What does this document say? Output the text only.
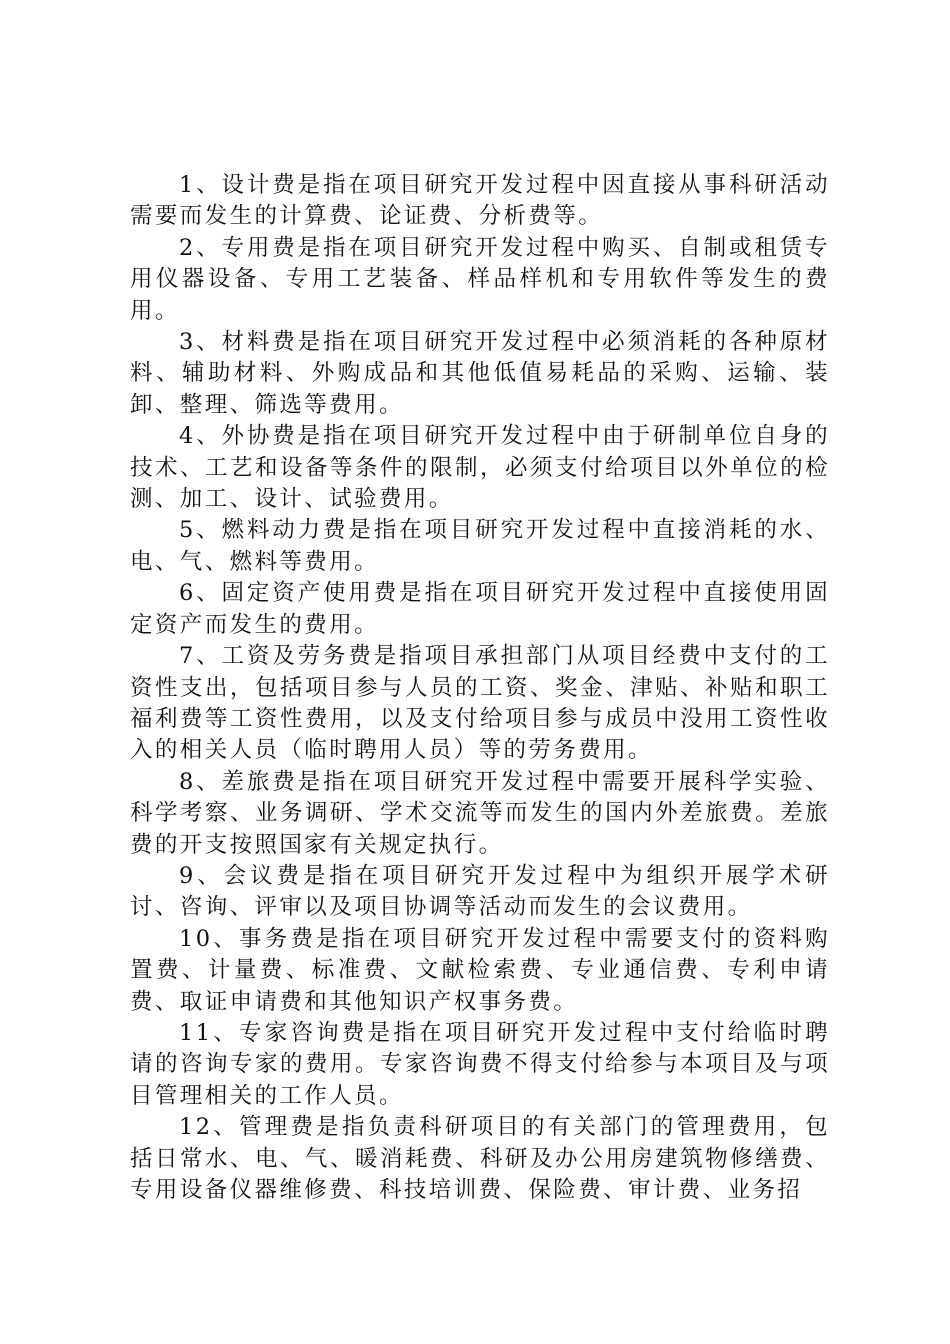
1、设计费是指在项目研究开发过程中因直接从事科研活动需要而发生的计算费、论证费、分析费等。

2、专用费是指在项目研究开发过程中购买、自制或租赁专用仪器设备、专用工艺装备、样品样机和专用软件等发生的费用。

3、材料费是指在项目研究开发过程中必须消耗的各种原材料、辅助材料、外购成品和其他低值易耗品的采购、运输、装卸、整理、筛选等费用。

4、外协费是指在项目研究开发过程中由于研制单位自身的技术、工艺和设备等条件的限制，必须支付给项目以外单位的检测、加工、设计、试验费用。

5、燃料动力费是指在项目研究开发过程中直接消耗的水、电、气、燃料等费用。

6、固定资产使用费是指在项目研究开发过程中直接使用固定资产而发生的费用。

7、工资及劳务费是指项目承担部门从项目经费中支付的工资性支出，包括项目参与人员的工资、奖金、津贴、补贴和职工福利费等工资性费用，以及支付给项目参与成员中没用工资性收入的相关人员（临时聘用人员）等的劳务费用。

8、差旅费是指在项目研究开发过程中需要开展科学实验、科学考察、业务调研、学术交流等而发生的国内外差旅费。差旅费的开支按照国家有关规定执行。

9、会议费是指在项目研究开发过程中为组织开展学术研讨、咨询、评审以及项目协调等活动而发生的会议费用。

10、事务费是指在项目研究开发过程中需要支付的资料购置费、计量费、标准费、文献检索费、专业通信费、专利申请费、取证申请费和其他知识产权事务费。

11、专家咨询费是指在项目研究开发过程中支付给临时聘请的咨询专家的费用。专家咨询费不得支付给参与本项目及与项目管理相关的工作人员。

12、管理费是指负责科研项目的有关部门的管理费用，包括日常水、电、气、暖消耗费、科研及办公用房建筑物修缮费、专用设备仪器维修费、科技培训费、保险费、审计费、业务招
